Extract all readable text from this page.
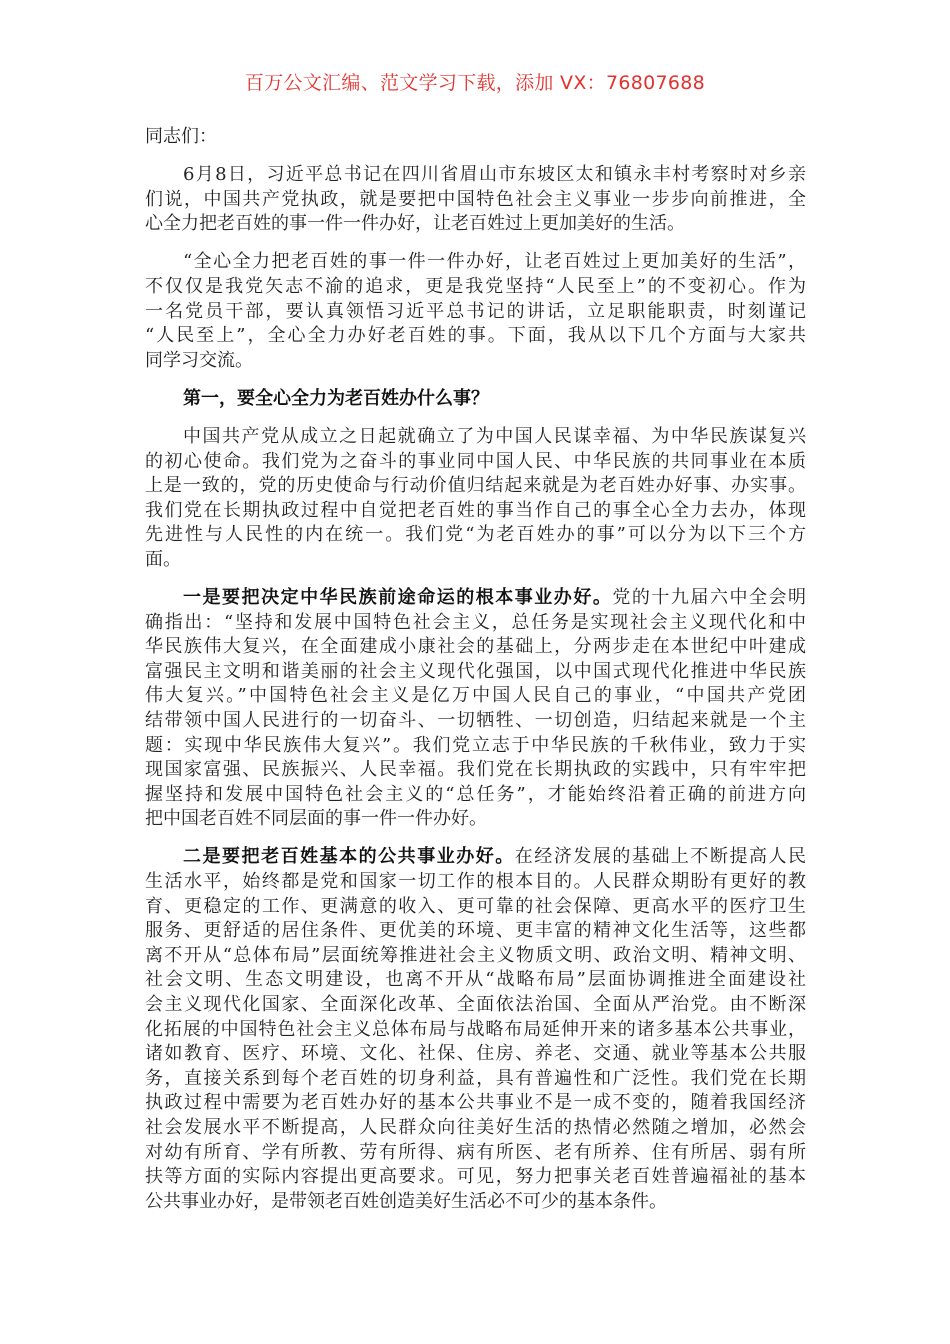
百万公文汇编、范文学习下载，添加 VX：76807688
同志们：
6月8日，习近平总书记在四川省眉山市东坡区太和镇永丰村考察时对乡亲
们说，中国共产党执政，就是要把中国特色社会主义事业一步步向前推进，全
心全力把老百姓的事一件一件办好，让老百姓过上更加美好的生活。
“全心全力把老百姓的事一件一件办好，让老百姓过上更加美好的生活”，
不仅仅是我党矢志不渝的追求，更是我党坚持“人民至上”的不变初心。作为
一名党员干部，要认真领悟习近平总书记的讲话，立足职能职责，时刻谨记
“人民至上”，全心全力办好老百姓的事。下面，我从以下几个方面与大家共
同学习交流。
第一，要全心全力为老百姓办什么事？
中国共产党从成立之日起就确立了为中国人民谋幸福、为中华民族谋复兴
的初心使命。我们党为之奋斗的事业同中国人民、中华民族的共同事业在本质
上是一致的，党的历史使命与行动价值归结起来就是为老百姓办好事、办实事。
我们党在长期执政过程中自觉把老百姓的事当作自己的事全心全力去办，体现
先进性与人民性的内在统一。我们党“为老百姓办的事”可以分为以下三个方
面。
一是要把决定中华民族前途命运的根本事业办好。党的十九届六中全会明
确指出：“坚持和发展中国特色社会主义，总任务是实现社会主义现代化和中
华民族伟大复兴，在全面建成小康社会的基础上，分两步走在本世纪中叶建成
富强民主文明和谐美丽的社会主义现代化强国，以中国式现代化推进中华民族
伟大复兴。”中国特色社会主义是亿万中国人民自己的事业，“中国共产党团
结带领中国人民进行的一切奋斗、一切牺牲、一切创造，归结起来就是一个主
题：实现中华民族伟大复兴”。我们党立志于中华民族的千秋伟业，致力于实
现国家富强、民族振兴、人民幸福。我们党在长期执政的实践中，只有牢牢把
握坚持和发展中国特色社会主义的“总任务”，才能始终沿着正确的前进方向
把中国老百姓不同层面的事一件一件办好。
二是要把老百姓基本的公共事业办好。在经济发展的基础上不断提高人民
生活水平，始终都是党和国家一切工作的根本目的。人民群众期盼有更好的教
育、更稳定的工作、更满意的收入、更可靠的社会保障、更高水平的医疗卫生
服务、更舒适的居住条件、更优美的环境、更丰富的精神文化生活等，这些都
离不开从“总体布局”层面统筹推进社会主义物质文明、政治文明、精神文明、
社会文明、生态文明建设，也离不开从“战略布局”层面协调推进全面建设社
会主义现代化国家、全面深化改革、全面依法治国、全面从严治党。由不断深
化拓展的中国特色社会主义总体布局与战略布局延伸开来的诸多基本公共事业，
诸如教育、医疗、环境、文化、社保、住房、养老、交通、就业等基本公共服
务，直接关系到每个老百姓的切身利益，具有普遍性和广泛性。我们党在长期
执政过程中需要为老百姓办好的基本公共事业不是一成不变的，随着我国经济
社会发展水平不断提高，人民群众向往美好生活的热情必然随之增加，必然会
对幼有所育、学有所教、劳有所得、病有所医、老有所养、住有所居、弱有所
扶等方面的实际内容提出更高要求。可见，努力把事关老百姓普遍福祉的基本
公共事业办好，是带领老百姓创造美好生活必不可少的基本条件。
